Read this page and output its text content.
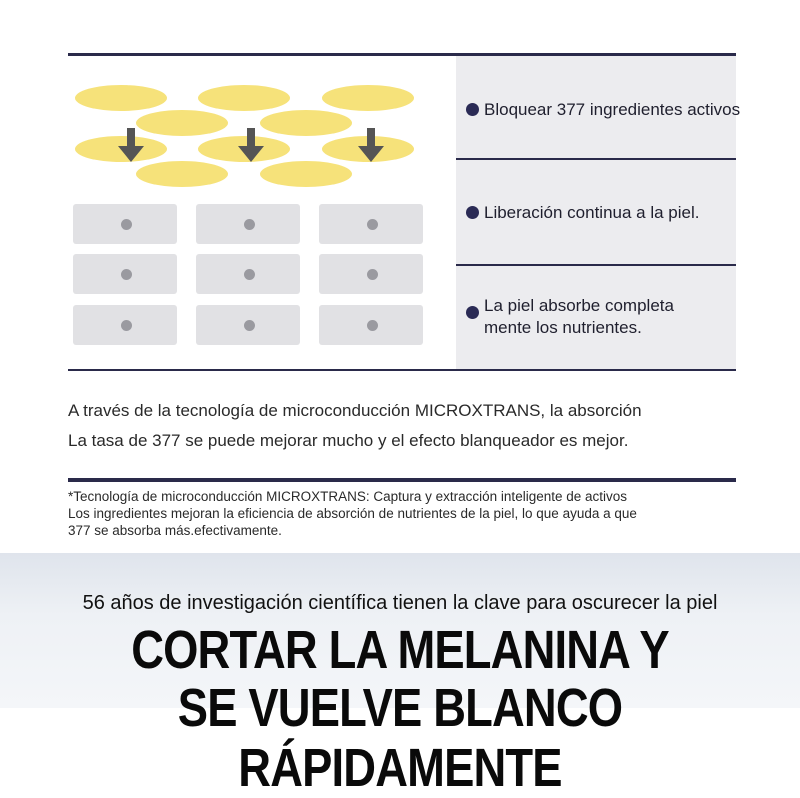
Bloquear 377 ingredientes activos
Liberación continua a la piel.
La piel absorbe completa mente los nutrientes.
A través de la tecnología de microconducción MICROXTRANS, la absorción
La tasa de 377 se puede mejorar mucho y el efecto blanqueador es mejor.
*Tecnología de microconducción MICROXTRANS: Captura y extracción inteligente de activos
Los ingredientes mejoran la eficiencia de absorción de nutrientes de la piel, lo que ayuda a que
377 se absorba más.efectivamente.
56 años de investigación científica tienen la clave para oscurecer la piel
CORTAR LA MELANINA Y
SE VUELVE BLANCO RÁPIDAMENTE
